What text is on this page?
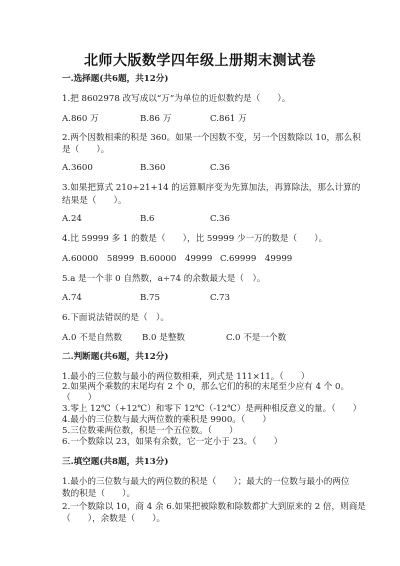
北师大版数学四年级上册期末测试卷
一.选择题(共6题，共12分)
1.把 8602978 改写成以“万”为单位的近似数约是（　　）。
A.860 万	B.86 万	C.861 万
2.两个因数相乘的积是 360。如果一个因数不变，另一个因数除以 10，那么积
是（　　）。
A.3600	B.360	C.36
3.如果把算式 210÷21+14 的运算顺序变为先算加法，再算除法，那么计算的
结果是（　　）。
A.24	B.6	C.36
4.比 59999 多 1 的数是（　　），比 59999 少一万的数是（　　）。
A.60000　58999 B.60000　49999 C.69999　49999
5.a 是一个非 0 自然数，a÷74 的余数最大是（　）。
A.74	B.75	C.73
6.下面说法错误的是（　）。
A.0 不是自然数 B.0 是整数	C.0 不是一个数
二.判断题(共6题，共12分)
1.最小的三位数与最小的两位数相乘，列式是 111×11。（　　）
2.如果两个乘数的末尾均有 2 个 0，那么它们的积的末尾至少应有 4 个 0。
（　　）
3.零上 12℃（+12℃）和零下 12℃（-12℃）是两种相反意义的量。（　　）
4.最小的三位数与最大两位数的乘积是 9900。（　　）
5.三位数乘两位数，积是一个五位数。（　　）
6.一个数除以 23，如果有余数，它一定小于 23。（　　）
三.填空题(共8题，共13分)
1.最小的三位数与最大的两位数的积是（　　）；最大的一位数与最小的两位
数的积是（　　）。
2.一个数除以 10，商 4 余 6.如果把被除数和除数都扩大到原来的 2 倍，则商是
（　　），余数是（　　）。
